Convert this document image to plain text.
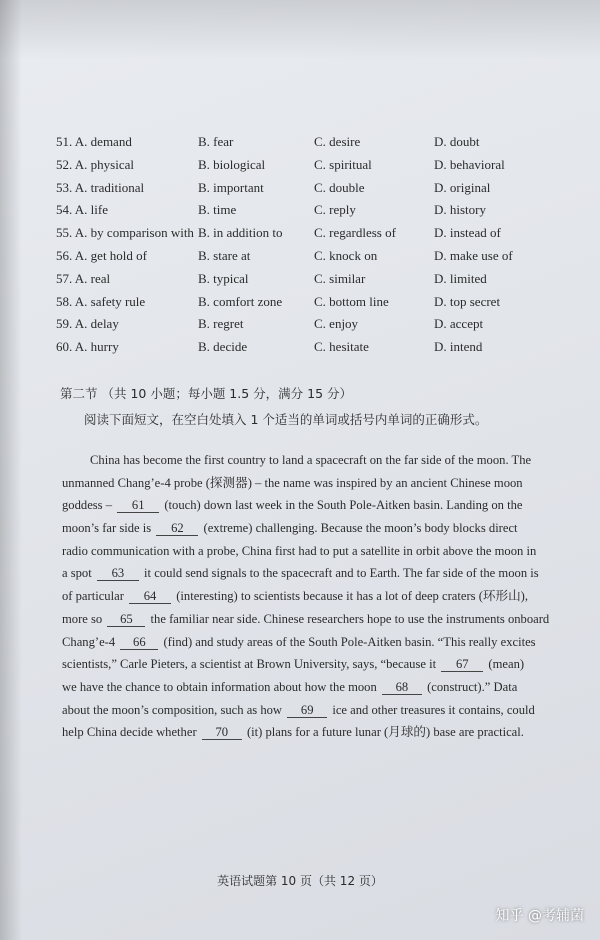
51. A. demand	B. fear	C. desire	D. doubt
52. A. physical	B. biological	C. spiritual	D. behavioral
53. A. traditional	B. important	C. double	D. original
54. A. life	B. time	C. reply	D. history
55. A. by comparison with B. in addition to C. regardless of	D. instead of
56. A. get hold of	B. stare at	C. knock on	D. make use of
57. A. real	B. typical	C. similar	D. limited
58. A. safety rule	B. comfort zone C. bottom line	D. top secret
59. A. delay	B. regret	C. enjoy	D. accept
60. A. hurry	B. decide	C. hesitate	D. intend
第二节 （共 10 小题；每小题 1.5 分，满分 15 分）
阅读下面短文，在空白处填入 1 个适当的单词或括号内单词的正确形式。
China has become the first country to land a spacecraft on the far side of the moon. The
unmanned Chang’e-4 probe (探测器) – the name was inspired by an ancient Chinese moon
goddess – 61 (touch) down last week in the South Pole-Aitken basin. Landing on the
moon’s far side is 62 (extreme) challenging. Because the moon’s body blocks direct
radio communication with a probe, China first had to put a satellite in orbit above the moon in
a spot 63 it could send signals to the spacecraft and to Earth. The far side of the moon is
of particular 64 (interesting) to scientists because it has a lot of deep craters (环形山),
more so 65 the familiar near side. Chinese researchers hope to use the instruments onboard
Chang’e-4 66 (find) and study areas of the South Pole-Aitken basin. “This really excites
scientists,” Carle Pieters, a scientist at Brown University, says, “because it 67 (mean)
we have the chance to obtain information about how the moon 68 (construct).” Data
about the moon’s composition, such as how 69 ice and other treasures it contains, could
help China decide whether 70 (it) plans for a future lunar (月球的) base are practical.
英语试题第 10 页（共 12 页）
知乎 @考辅菌
